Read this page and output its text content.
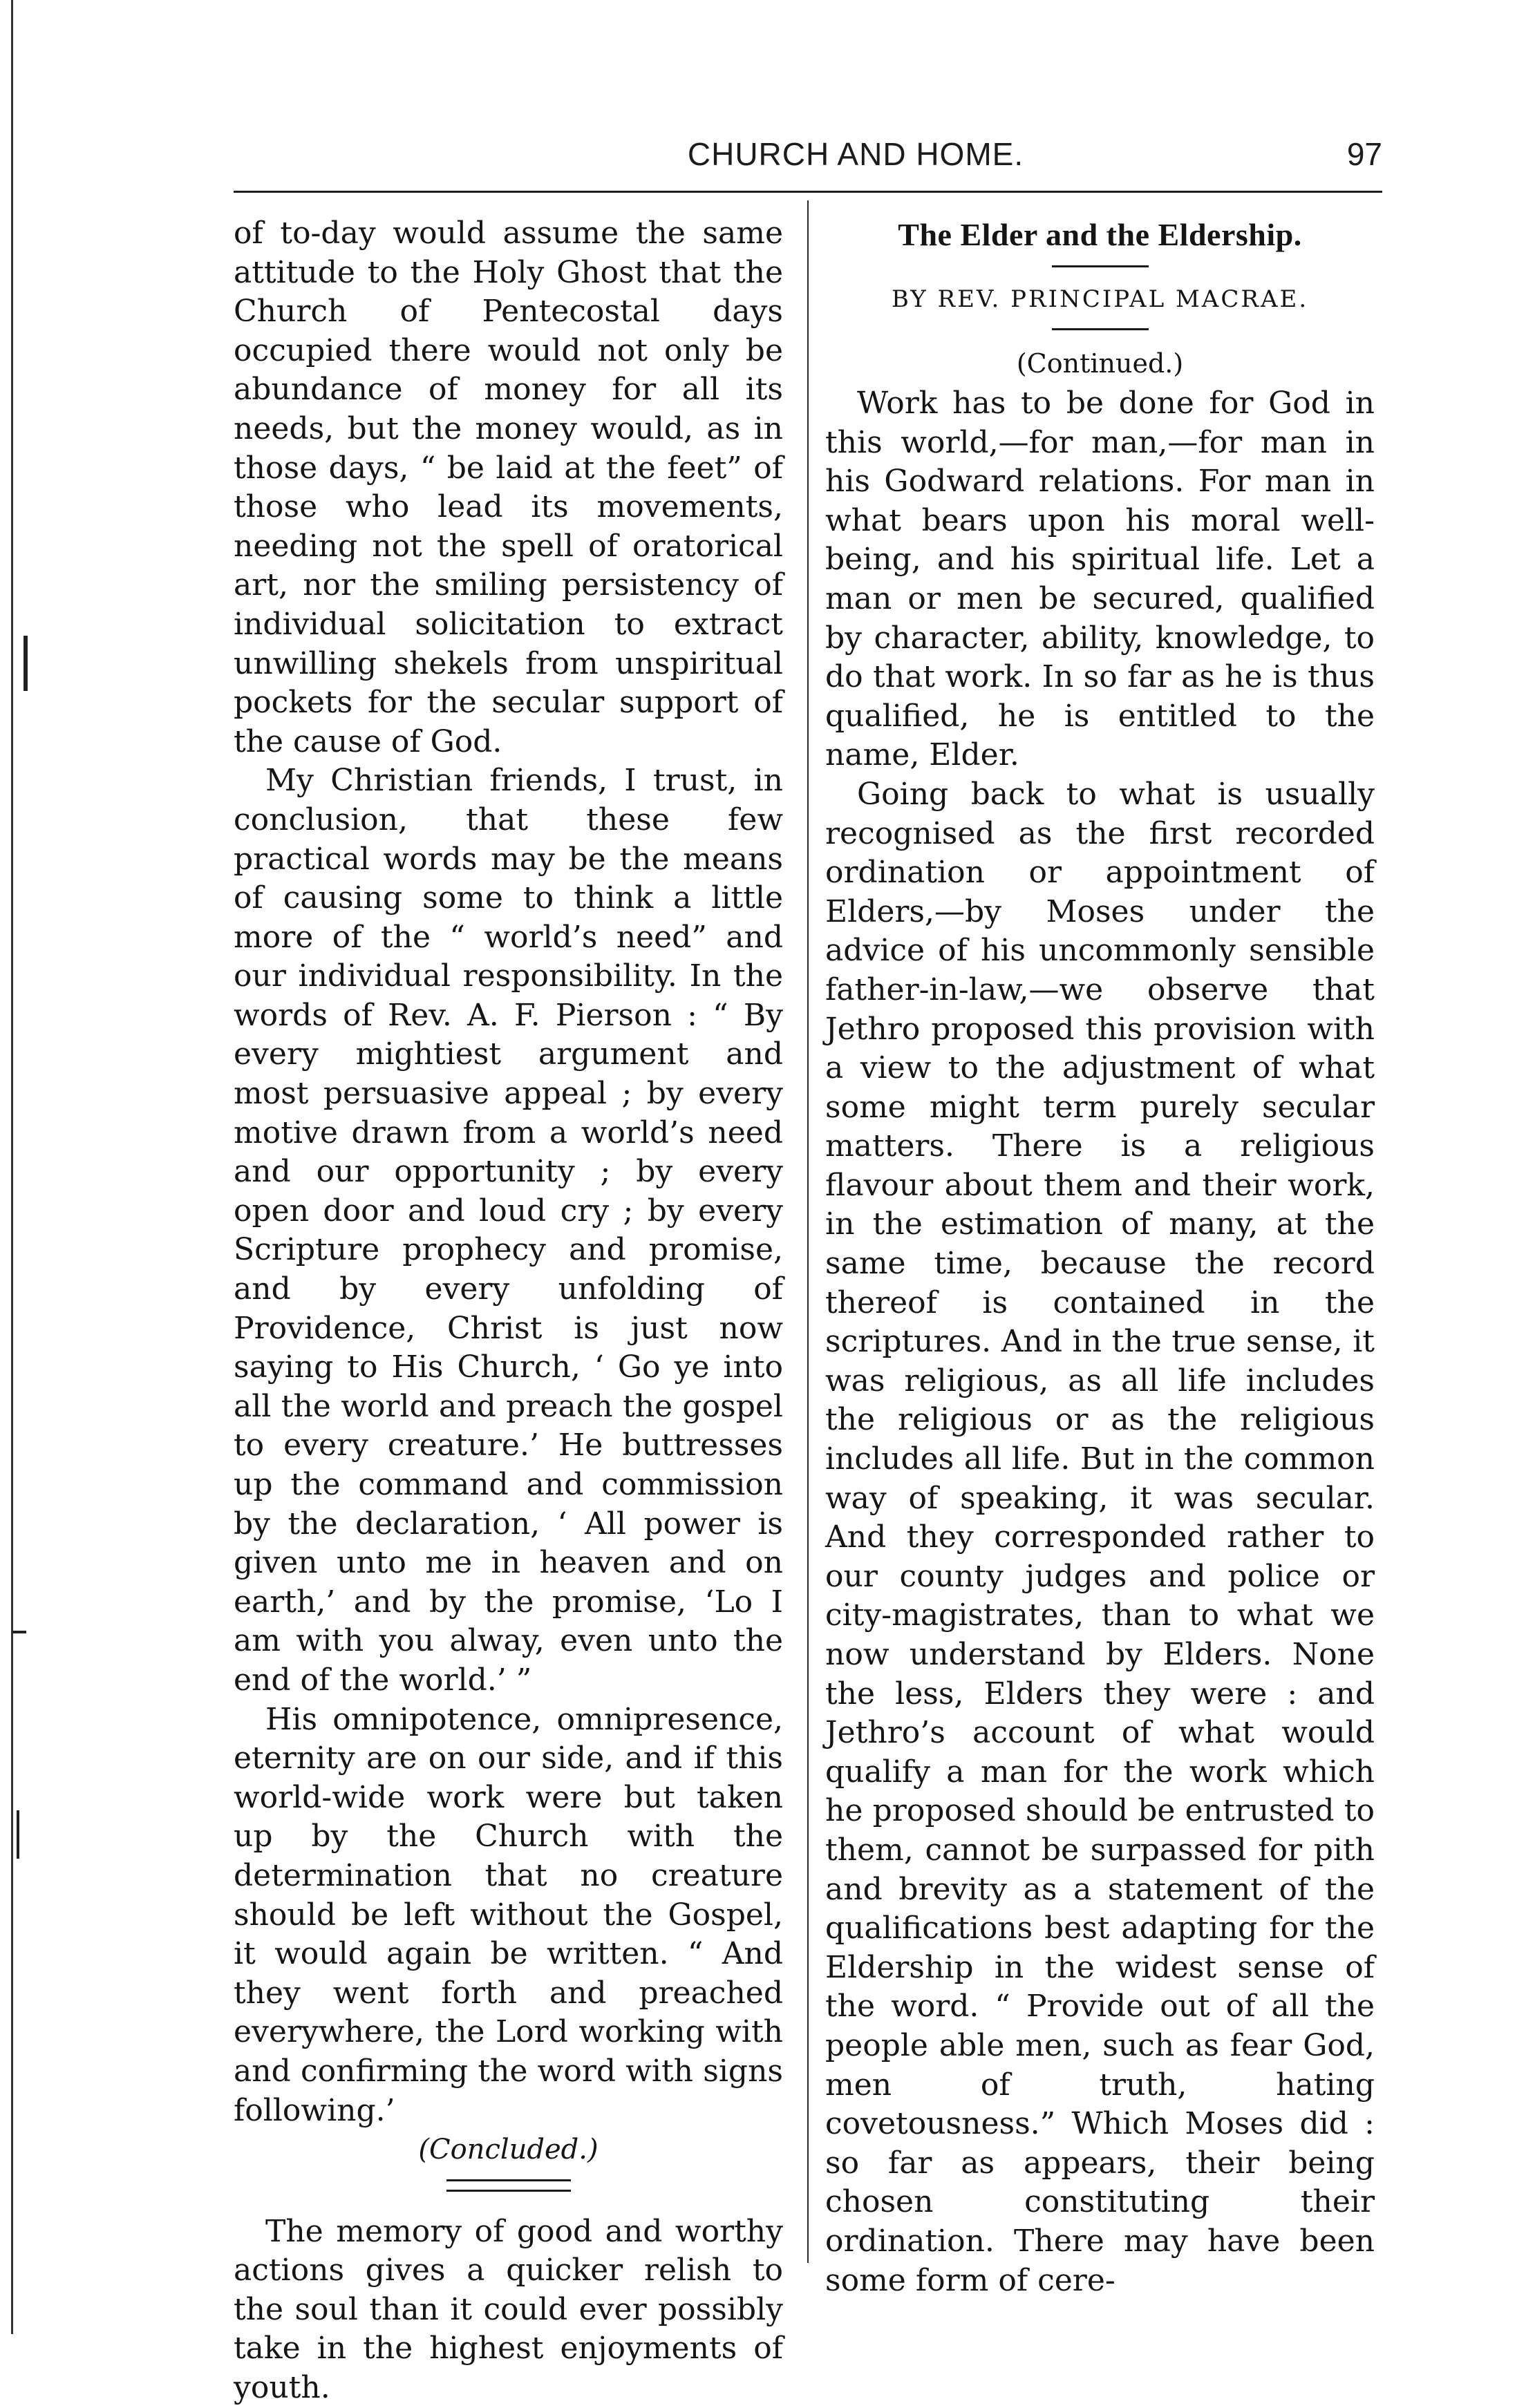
CHURCH AND HOME.	97

of to-day would assume the same attitude to the Holy Ghost that the Church of Pentecostal days occupied there would not only be abundance of money for all its needs, but the money would, as in those days, “ be laid at the feet” of those who lead its movements, needing not the spell of oratorical art, nor the smiling persistency of individual solicitation to extract unwilling shekels from unspiritual pockets for the secular support of the cause of God.

My Christian friends, I trust, in conclusion, that these few practical words may be the means of causing some to think a little more of the “ world’s need” and our individual responsibility. In the words of Rev. A. F. Pierson : “ By every mightiest argument and most persuasive appeal ; by every motive drawn from a world’s need and our opportunity ; by every open door and loud cry ; by every Scripture prophecy and promise, and by every unfolding of Providence, Christ is just now saying to His Church, ‘ Go ye into all the world and preach the gospel to every creature.’ He buttresses up the command and commission by the declaration, ‘ All power is given unto me in heaven and on earth,’ and by the promise, ‘Lo I am with you alway, even unto the end of the world.’ ”

His omnipotence, omnipresence, eternity are on our side, and if this world-wide work were but taken up by the Church with the determination that no creature should be left without the Gospel, it would again be written. “ And they went forth and preached everywhere, the Lord working with and confirming the word with signs following.’

(Concluded.)

The memory of good and worthy actions gives a quicker relish to the soul than it could ever possibly take in the highest enjoyments of youth.

The Elder and the Eldership.

BY REV. PRINCIPAL MACRAE.

(Continued.)

Work has to be done for God in this world,—for man,—for man in his Godward relations. For man in what bears upon his moral well-being, and his spiritual life. Let a man or men be secured, qualified by character, ability, knowledge, to do that work. In so far as he is thus qualified, he is entitled to the name, Elder.

Going back to what is usually recognised as the first recorded ordination or appointment of Elders,—by Moses under the advice of his uncommonly sensible father-in-law,—we observe that Jethro proposed this provision with a view to the adjustment of what some might term purely secular matters. There is a religious flavour about them and their work, in the estimation of many, at the same time, because the record thereof is contained in the scriptures. And in the true sense, it was religious, as all life includes the religious or as the religious includes all life. But in the common way of speaking, it was secular. And they corresponded rather to our county judges and police or city-magistrates, than to what we now understand by Elders. None the less, Elders they were : and Jethro’s account of what would qualify a man for the work which he proposed should be entrusted to them, cannot be surpassed for pith and brevity as a statement of the qualifications best adapting for the Eldership in the widest sense of the word. “ Provide out of all the people able men, such as fear God, men of truth, hating covetousness.” Which Moses did : so far as appears, their being chosen constituting their ordination. There may have been some form of cere-
